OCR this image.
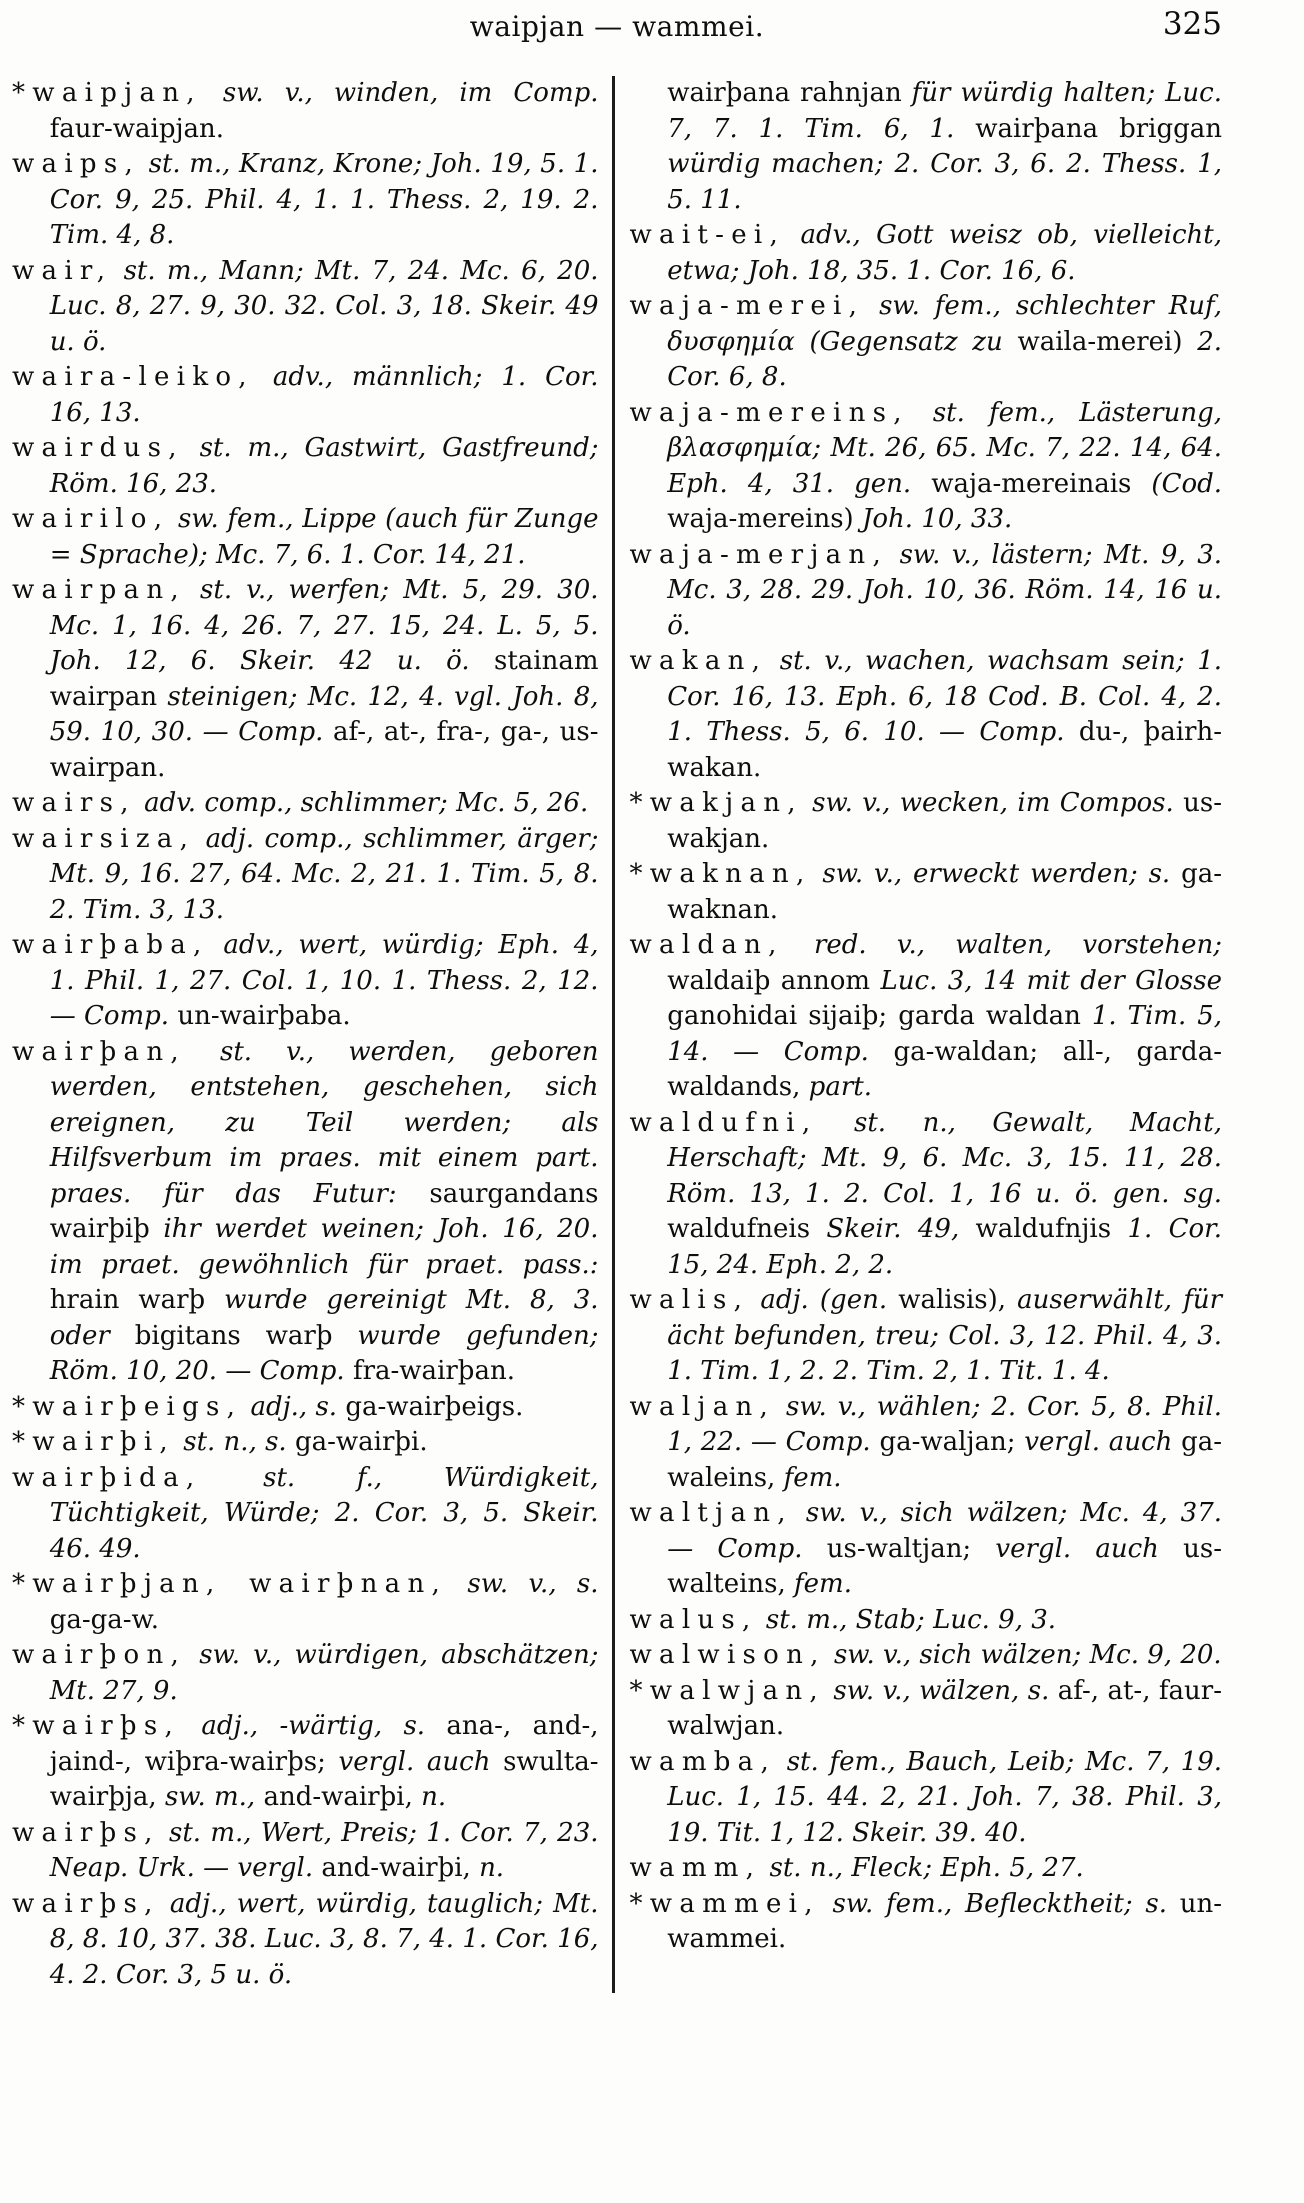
waipjan — wammei.	325

*waipjan, sw. v., winden, im Comp. faur-waipjan.

waips, st. m., Kranz, Krone; Joh. 19, 5. 1. Cor. 9, 25. Phil. 4, 1. 1. Thess. 2, 19. 2. Tim. 4, 8.

wair, st. m., Mann; Mt. 7, 24. Mc. 6, 20. Luc. 8, 27. 9, 30. 32. Col. 3, 18. Skeir. 49 u. ö.

waira-leiko, adv., männlich; 1. Cor. 16, 13.

wairdus, st. m., Gastwirt, Gastfreund; Röm. 16, 23.

wairilo, sw. fem., Lippe (auch für Zunge = Sprache); Mc. 7, 6. 1. Cor. 14, 21.

wairpan, st. v., werfen; Mt. 5, 29. 30. Mc. 1, 16. 4, 26. 7, 27. 15, 24. L. 5, 5. Joh. 12, 6. Skeir. 42 u. ö. stainam wairpan steinigen; Mc. 12, 4. vgl. Joh. 8, 59. 10, 30. — Comp. af-, at-, fra-, ga-, us-wairpan.

wairs, adv. comp., schlimmer; Mc. 5, 26.

wairsiza, adj. comp., schlimmer, ärger; Mt. 9, 16. 27, 64. Mc. 2, 21. 1. Tim. 5, 8. 2. Tim. 3, 13.

wairþaba, adv., wert, würdig; Eph. 4, 1. Phil. 1, 27. Col. 1, 10. 1. Thess. 2, 12. — Comp. un-wairþaba.

wairþan, st. v., werden, geboren werden, entstehen, geschehen, sich ereignen, zu Teil werden; als Hilfsverbum im praes. mit einem part. praes. für das Futur: saurgandans wairþiþ ihr werdet weinen; Joh. 16, 20. im praet. gewöhnlich für praet. pass.: hrain warþ wurde gereinigt Mt. 8, 3. oder bigitans warþ wurde gefunden; Röm. 10, 20. — Comp. fra-wairþan.

*wairþeigs, adj., s. ga-wairþeigs.

*wairþi, st. n., s. ga-wairþi.

wairþida, st. f., Würdigkeit, Tüchtigkeit, Würde; 2. Cor. 3, 5. Skeir. 46. 49.

*wairþjan, wairþnan, sw. v., s. ga-ga-w.

wairþon, sw. v., würdigen, abschätzen; Mt. 27, 9.

*wairþs, adj., -wärtig, s. ana-, and-, jaind-, wiþra-wairþs; vergl. auch swulta-wairþja, sw. m., and-wairþi, n.

wairþs, st. m., Wert, Preis; 1. Cor. 7, 23. Neap. Urk. — vergl. and-wairþi, n.

wairþs, adj., wert, würdig, tauglich; Mt. 8, 8. 10, 37. 38. Luc. 3, 8. 7, 4. 1. Cor. 16, 4. 2. Cor. 3, 5 u. ö.

wairþana rahnjan für würdig halten; Luc. 7, 7. 1. Tim. 6, 1. wairþana briggan würdig machen; 2. Cor. 3, 6. 2. Thess. 1, 5. 11.

wait-ei, adv., Gott weisz ob, vielleicht, etwa; Joh. 18, 35. 1. Cor. 16, 6.

waja-merei, sw. fem., schlechter Ruf, δυσφημία (Gegensatz zu waila-merei) 2. Cor. 6, 8.

waja-mereins, st. fem., Lästerung, βλασφημία; Mt. 26, 65. Mc. 7, 22. 14, 64. Eph. 4, 31. gen. waja-mereinais (Cod. waja-mereins) Joh. 10, 33.

waja-merjan, sw. v., lästern; Mt. 9, 3. Mc. 3, 28. 29. Joh. 10, 36. Röm. 14, 16 u. ö.

wakan, st. v., wachen, wachsam sein; 1. Cor. 16, 13. Eph. 6, 18 Cod. B. Col. 4, 2. 1. Thess. 5, 6. 10. — Comp. du-, þairh-wakan.

*wakjan, sw. v., wecken, im Compos. us-wakjan.

*waknan, sw. v., erweckt werden; s. ga-waknan.

waldan, red. v., walten, vorstehen; waldaiþ annom Luc. 3, 14 mit der Glosse ganohidai sijaiþ; garda waldan 1. Tim. 5, 14. — Comp. ga-waldan; all-, garda-waldands, part.

waldufni, st. n., Gewalt, Macht, Herschaft; Mt. 9, 6. Mc. 3, 15. 11, 28. Röm. 13, 1. 2. Col. 1, 16 u. ö. gen. sg. waldufneis Skeir. 49, waldufnjis 1. Cor. 15, 24. Eph. 2, 2.

walis, adj. (gen. walisis), auserwählt, für ächt befunden, treu; Col. 3, 12. Phil. 4, 3. 1. Tim. 1, 2. 2. Tim. 2, 1. Tit. 1. 4.

waljan, sw. v., wählen; 2. Cor. 5, 8. Phil. 1, 22. — Comp. ga-waljan; vergl. auch ga-waleins, fem.

waltjan, sw. v., sich wälzen; Mc. 4, 37. — Comp. us-waltjan; vergl. auch us-walteins, fem.

walus, st. m., Stab; Luc. 9, 3.

walwison, sw. v., sich wälzen; Mc. 9, 20.

*walwjan, sw. v., wälzen, s. af-, at-, faur-walwjan.

wamba, st. fem., Bauch, Leib; Mc. 7, 19. Luc. 1, 15. 44. 2, 21. Joh. 7, 38. Phil. 3, 19. Tit. 1, 12. Skeir. 39. 40.

wamm, st. n., Fleck; Eph. 5, 27.

*wammei, sw. fem., Beflecktheit; s. un-wammei.
